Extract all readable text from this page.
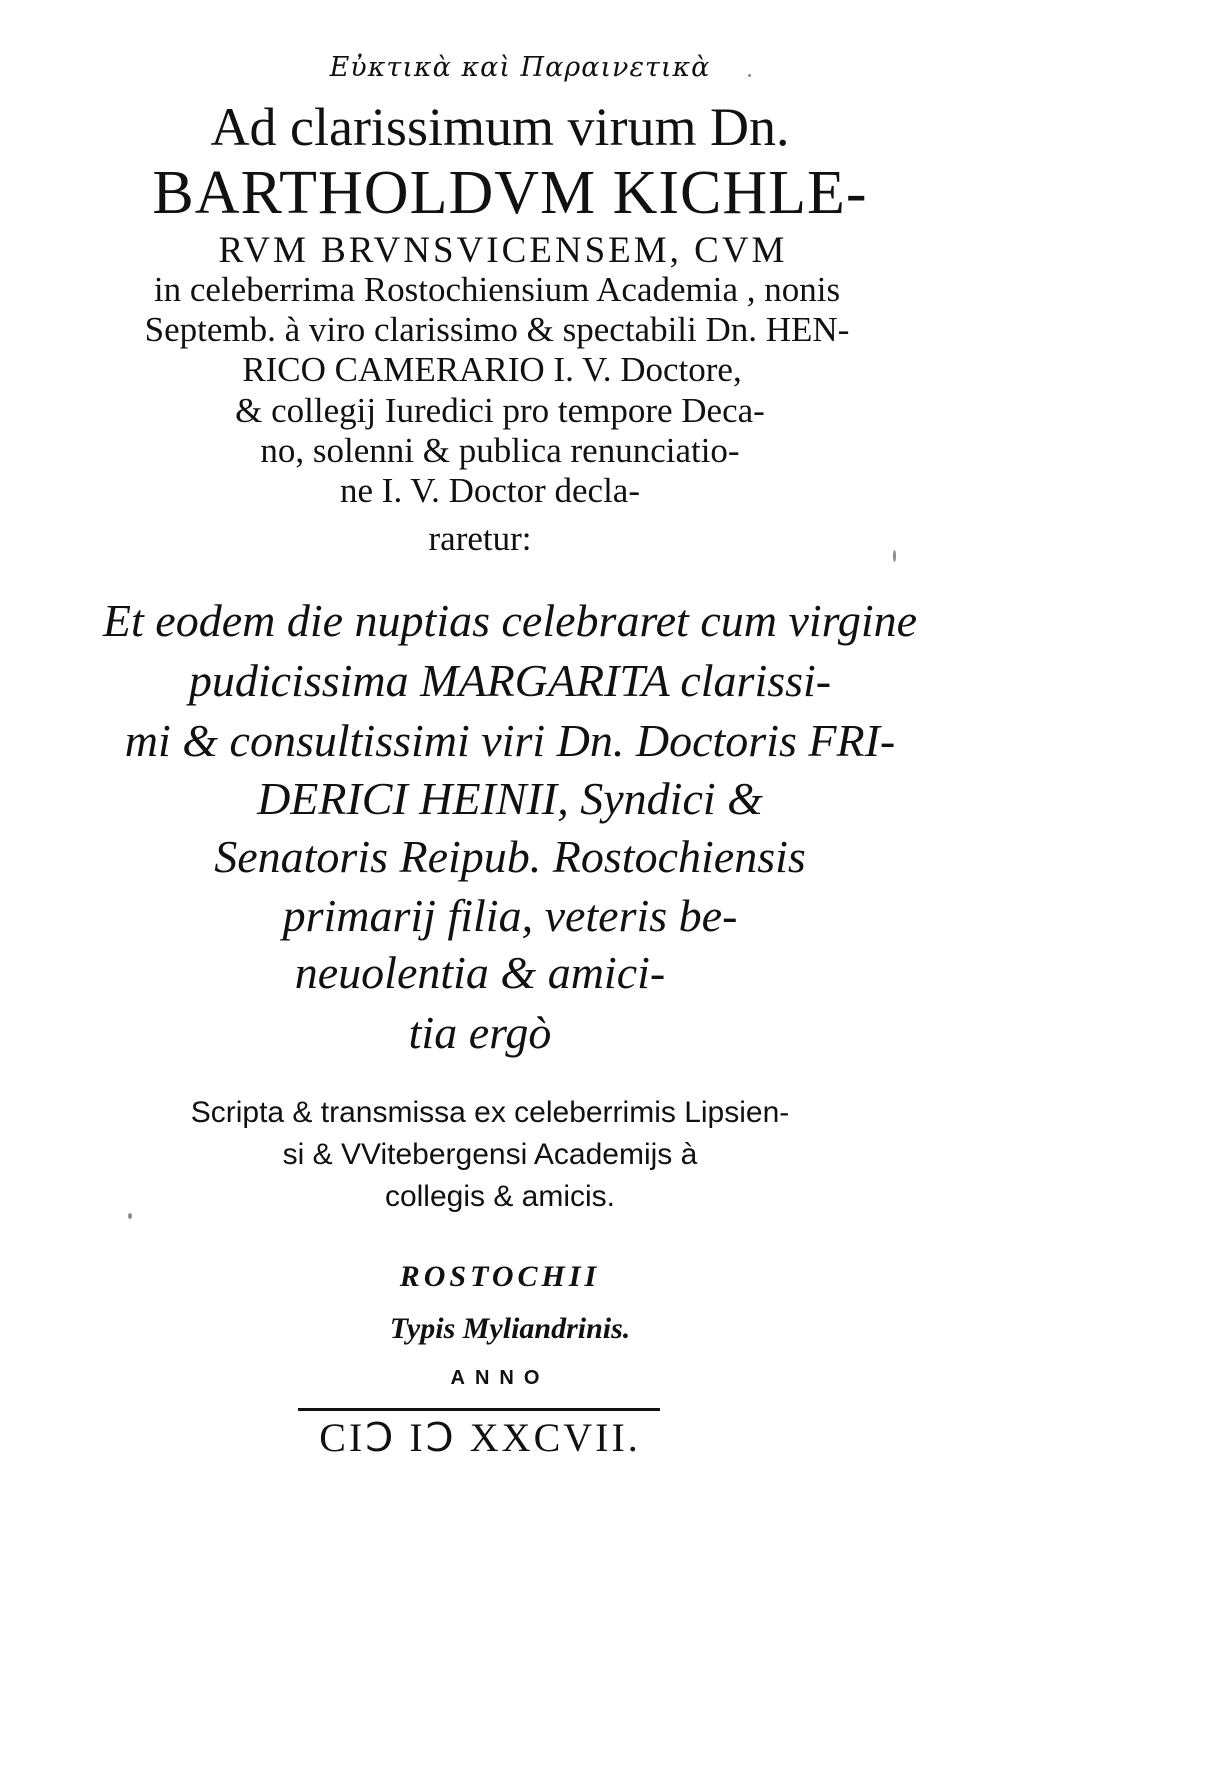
Εὐκτικὰ καὶ Παραινετικὰ
Ad clarissimum virum Dn.
BARTHOLDVM KICHLE-
RVM BRVNSVICENSEM, CVM
in celeberrima Rostochiensium Academia , nonis
Septemb. à viro clarissimo & spectabili Dn. HEN-
RICO CAMERARIO I. V. Doctore,
& collegij Iuredici pro tempore Deca-
no, solenni & publica renunciatio-
ne I. V. Doctor decla-
raretur:
Et eodem die nuptias celebraret cum virgine
pudicissima MARGARITA clarissi-
mi & consultissimi viri Dn. Doctoris FRI-
DERICI HEINII, Syndici &
Senatoris Reipub. Rostochiensis
primarij filia, veteris be-
neuolentia & amici-
tia ergò
Scripta & transmissa ex celeberrimis Lipsien-
si & VVitebergensi Academijs à
collegis & amicis.
ROSTOCHII
Typis Myliandrinis.
ANNO
CIↃ IↃ XXCVII.
